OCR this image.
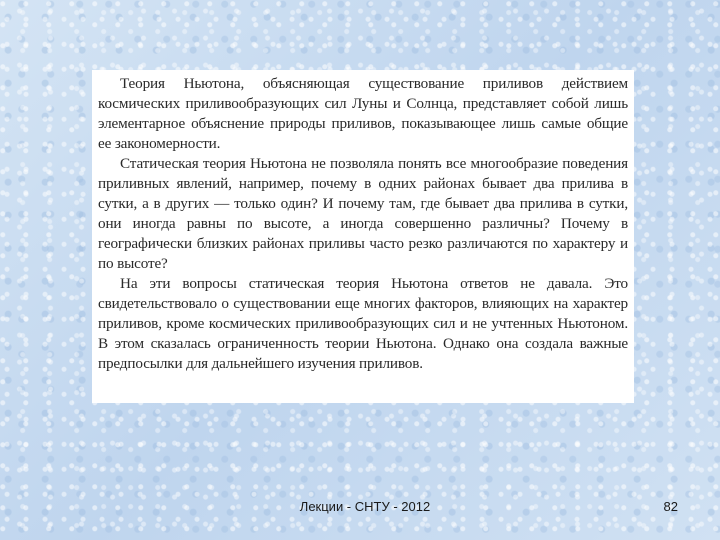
Теория Ньютона, объясняющая существование приливов действием космических приливообразующих сил Луны и Солнца, представляет собой лишь элементарное объяснение природы приливов, показывающее лишь самые общие ее закономерности.

Статическая теория Ньютона не позволяла понять все многообразие поведения приливных явлений, например, почему в одних районах бывает два прилива в сутки, а в других — только один? И почему там, где бывает два прилива в сутки, они иногда равны по высоте, а иногда совершенно различны? Почему в географически близких районах приливы часто резко различаются по характеру и по высоте?

На эти вопросы статическая теория Ньютона ответов не давала. Это свидетельствовало о существовании еще многих факторов, влияющих на характер приливов, кроме космических приливообразующих сил и не учтенных Ньютоном. В этом сказалась ограниченность теории Ньютона. Однако она создала важные предпосылки для дальнейшего изучения приливов.

Лекции - СНТУ - 2012	82
